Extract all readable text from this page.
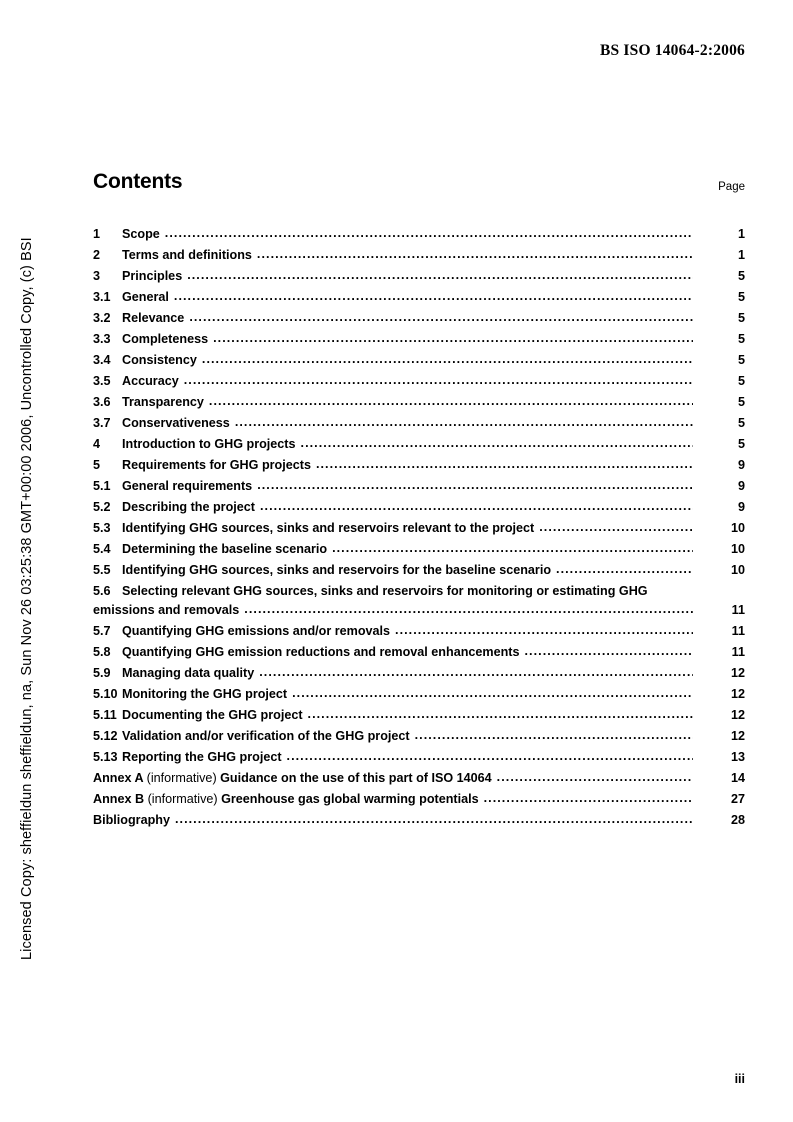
BS ISO 14064-2:2006
Licensed Copy: sheffieldun sheffieldun, na, Sun Nov 26 03:25:38 GMT+00:00 2006, Uncontrolled Copy, (c) BSI
Contents	Page
1	Scope .....	1
2	Terms and definitions .....	1
3	Principles .....	5
3.1 General .....	5
3.2 Relevance .....	5
3.3 Completeness .....	5
3.4 Consistency .....	5
3.5 Accuracy .....	5
3.6 Transparency .....	5
3.7 Conservativeness .....	5
4	Introduction to GHG projects .....	5
5	Requirements for GHG projects .....	9
5.1 General requirements .....	9
5.2 Describing the project .....	9
5.3 Identifying GHG sources, sinks and reservoirs relevant to the project .....	10
5.4 Determining the baseline scenario .....	10
5.5 Identifying GHG sources, sinks and reservoirs for the baseline scenario .....	10
5.6 Selecting relevant GHG sources, sinks and reservoirs for monitoring or estimating GHG
emissions and removals .....	11
5.7 Quantifying GHG emissions and/or removals .....	11
5.8 Quantifying GHG emission reductions and removal enhancements .....	11
5.9 Managing data quality .....	12
5.10 Monitoring the GHG project .....	12
5.11 Documenting the GHG project .....	12
5.12 Validation and/or verification of the GHG project .....	12
5.13 Reporting the GHG project .....	13
Annex A (informative) Guidance on the use of this part of ISO 14064 .....	14
Annex B (informative) Greenhouse gas global warming potentials .....	27
Bibliography .....	28
iii
